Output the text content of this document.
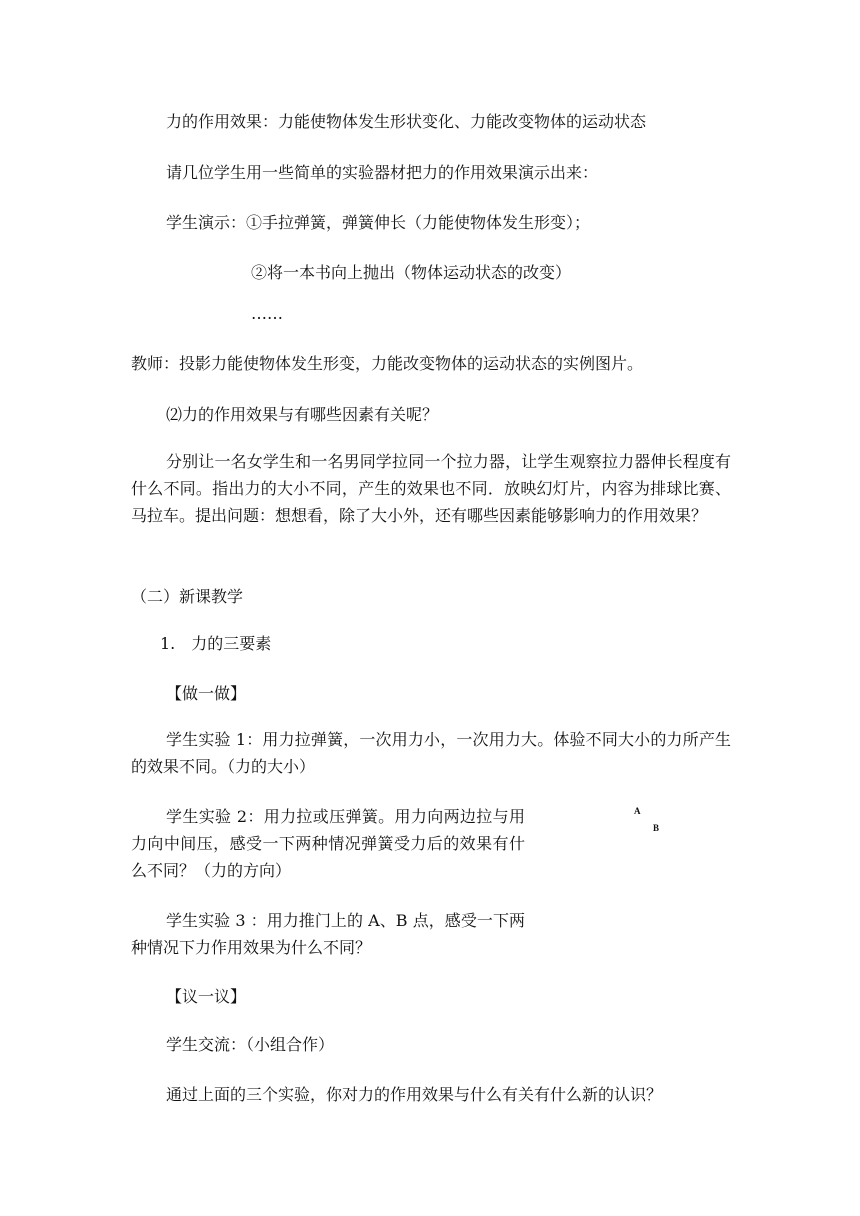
力的作用效果：力能使物体发生形状变化、力能改变物体的运动状态
请几位学生用一些简单的实验器材把力的作用效果演示出来：
学生演示：①手拉弹簧，弹簧伸长（力能使物体发生形变）；
②将一本书向上抛出（物体运动状态的改变）
……
教师：投影力能使物体发生形变，力能改变物体的运动状态的实例图片。
⑵力的作用效果与有哪些因素有关呢？
分别让一名女学生和一名男同学拉同一个拉力器，让学生观察拉力器伸长程度有什么不同。指出力的大小不同，产生的效果也不同．放映幻灯片，内容为排球比赛、马拉车。提出问题：想想看，除了大小外，还有哪些因素能够影响力的作用效果？
（二）新课教学
1.　力的三要素
【做一做】
学生实验 1：用力拉弹簧，一次用力小，一次用力大。体验不同大小的力所产生的效果不同。（力的大小）
学生实验 2：用力拉或压弹簧。用力向两边拉与用力向中间压，感受一下两种情况弹簧受力后的效果有什么不同？（力的方向）
A
B
学生实验 3 ：用力推门上的 A、B 点，感受一下两种情况下力作用效果为什么不同？
【议一议】
学生交流：（小组合作）
通过上面的三个实验，你对力的作用效果与什么有关有什么新的认识？
